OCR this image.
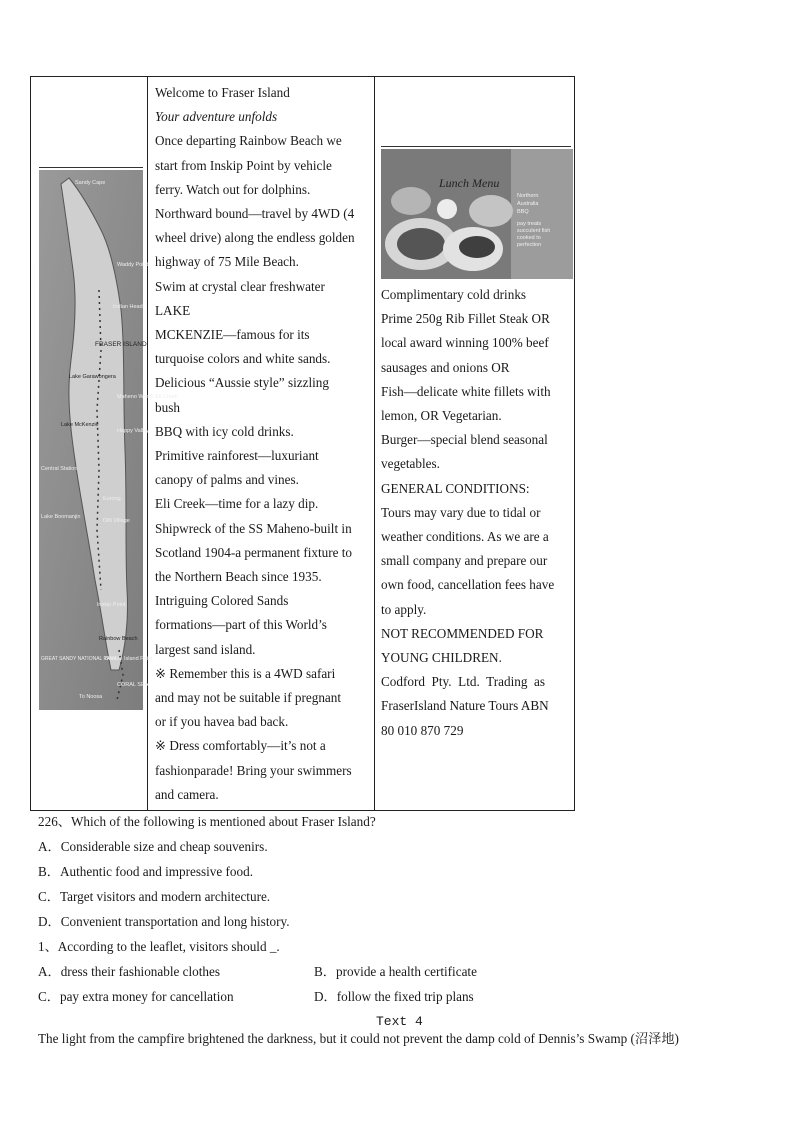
Sandy Cape
Waddy Point
Indian Head
FRASER ISLAND
Lake Garawongera
Maheno Wreck Eli Creek
Happy Valley
Lake McKenzie
Central Station
Eurong
Dilli Village
Lake Boomanjin
Inskip Point
Rainbow Beach
Double Island Point
GREAT SANDY NATIONAL PARK
To Noosa
CORAL SEA

Welcome to Fraser Island
Your adventure unfolds
Once departing Rainbow Beach we
start from Inskip Point by vehicle
ferry. Watch out for dolphins.
Northward bound—travel by 4WD (4
wheel drive) along the endless golden
highway of 75 Mile Beach.
Swim at crystal clear freshwater
LAKE
MCKENZIE—famous for its
turquoise colors and white sands.
Delicious “Aussie style” sizzling
bush
BBQ with icy cold drinks.
Primitive rainforest—luxuriant
canopy of palms and vines.
Eli Creek—time for a lazy dip.
Shipwreck of the SS Maheno-built in
Scotland 1904-a permanent fixture to
the Northern Beach since 1935.
Intriguing Colored Sands
formations—part of this World’s
largest sand island.
※ Remember this is a 4WD safari
and may not be suitable if pregnant
or if you havea bad back.
※ Dress comfortably—it’s not a
fashionparade! Bring your swimmers
and camera.

Lunch Menu
Northern
Australia
BBQ
pay treats
succulent fish
cooked to
perfection
Complimentary cold drinks
Prime 250g Rib Fillet Steak OR
local award winning 100% beef
sausages and onions OR
Fish—delicate white fillets with
lemon, OR Vegetarian.
Burger—special blend seasonal
vegetables.
GENERAL CONDITIONS:
Tours may vary due to tidal or
weather conditions. As we are a
small company and prepare our
own food, cancellation fees have
to apply.
NOT RECOMMENDED FOR
YOUNG CHILDREN.
Codford  Pty.  Ltd.  Trading  as
FraserIsland Nature Tours ABN
80 010 870 729
226、Which of the following is mentioned about Fraser Island?
A．Considerable size and cheap souvenirs.
B．Authentic food and impressive food.
C．Target visitors and modern architecture.
D．Convenient transportation and long history.
1、According to the leaflet, visitors should _.
A．dress their fashionable clothes	B．provide a health certificate
C．pay extra money for cancellation	D．follow the fixed trip plans
Text 4
The light from the campfire brightened the darkness, but it could not prevent the damp cold of Dennis’s Swamp (沼泽地)
